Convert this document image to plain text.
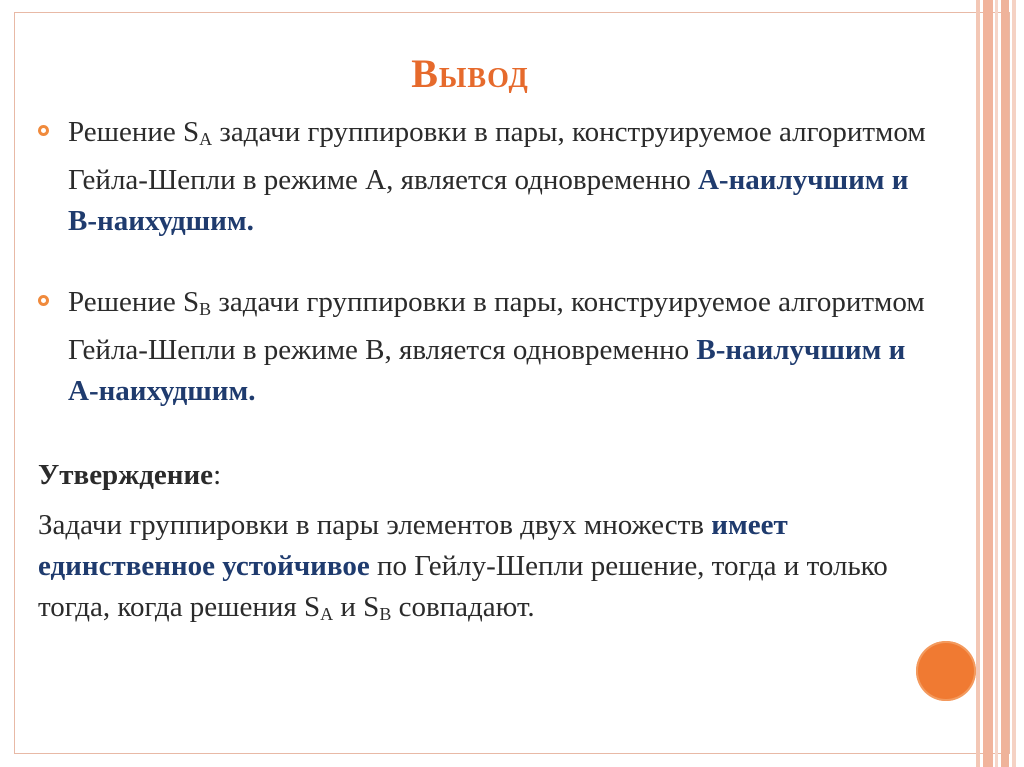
Вывод
Решение $S_A$ задачи группировки в пары, конструируемое алгоритмом Гейла-Шепли в режиме А, является одновременно А-наилучшим и В-наихудшим.
Решение $S_B$ задачи группировки в пары, конструируемое алгоритмом Гейла-Шепли в режиме В, является одновременно В-наилучшим и А-наихудшим.
Утверждение:
Задачи группировки в пары элементов двух множеств имеет единственное устойчивое по Гейлу-Шепли решение, тогда и только тогда, когда решения $S_A$ и $S_B$ совпадают.
